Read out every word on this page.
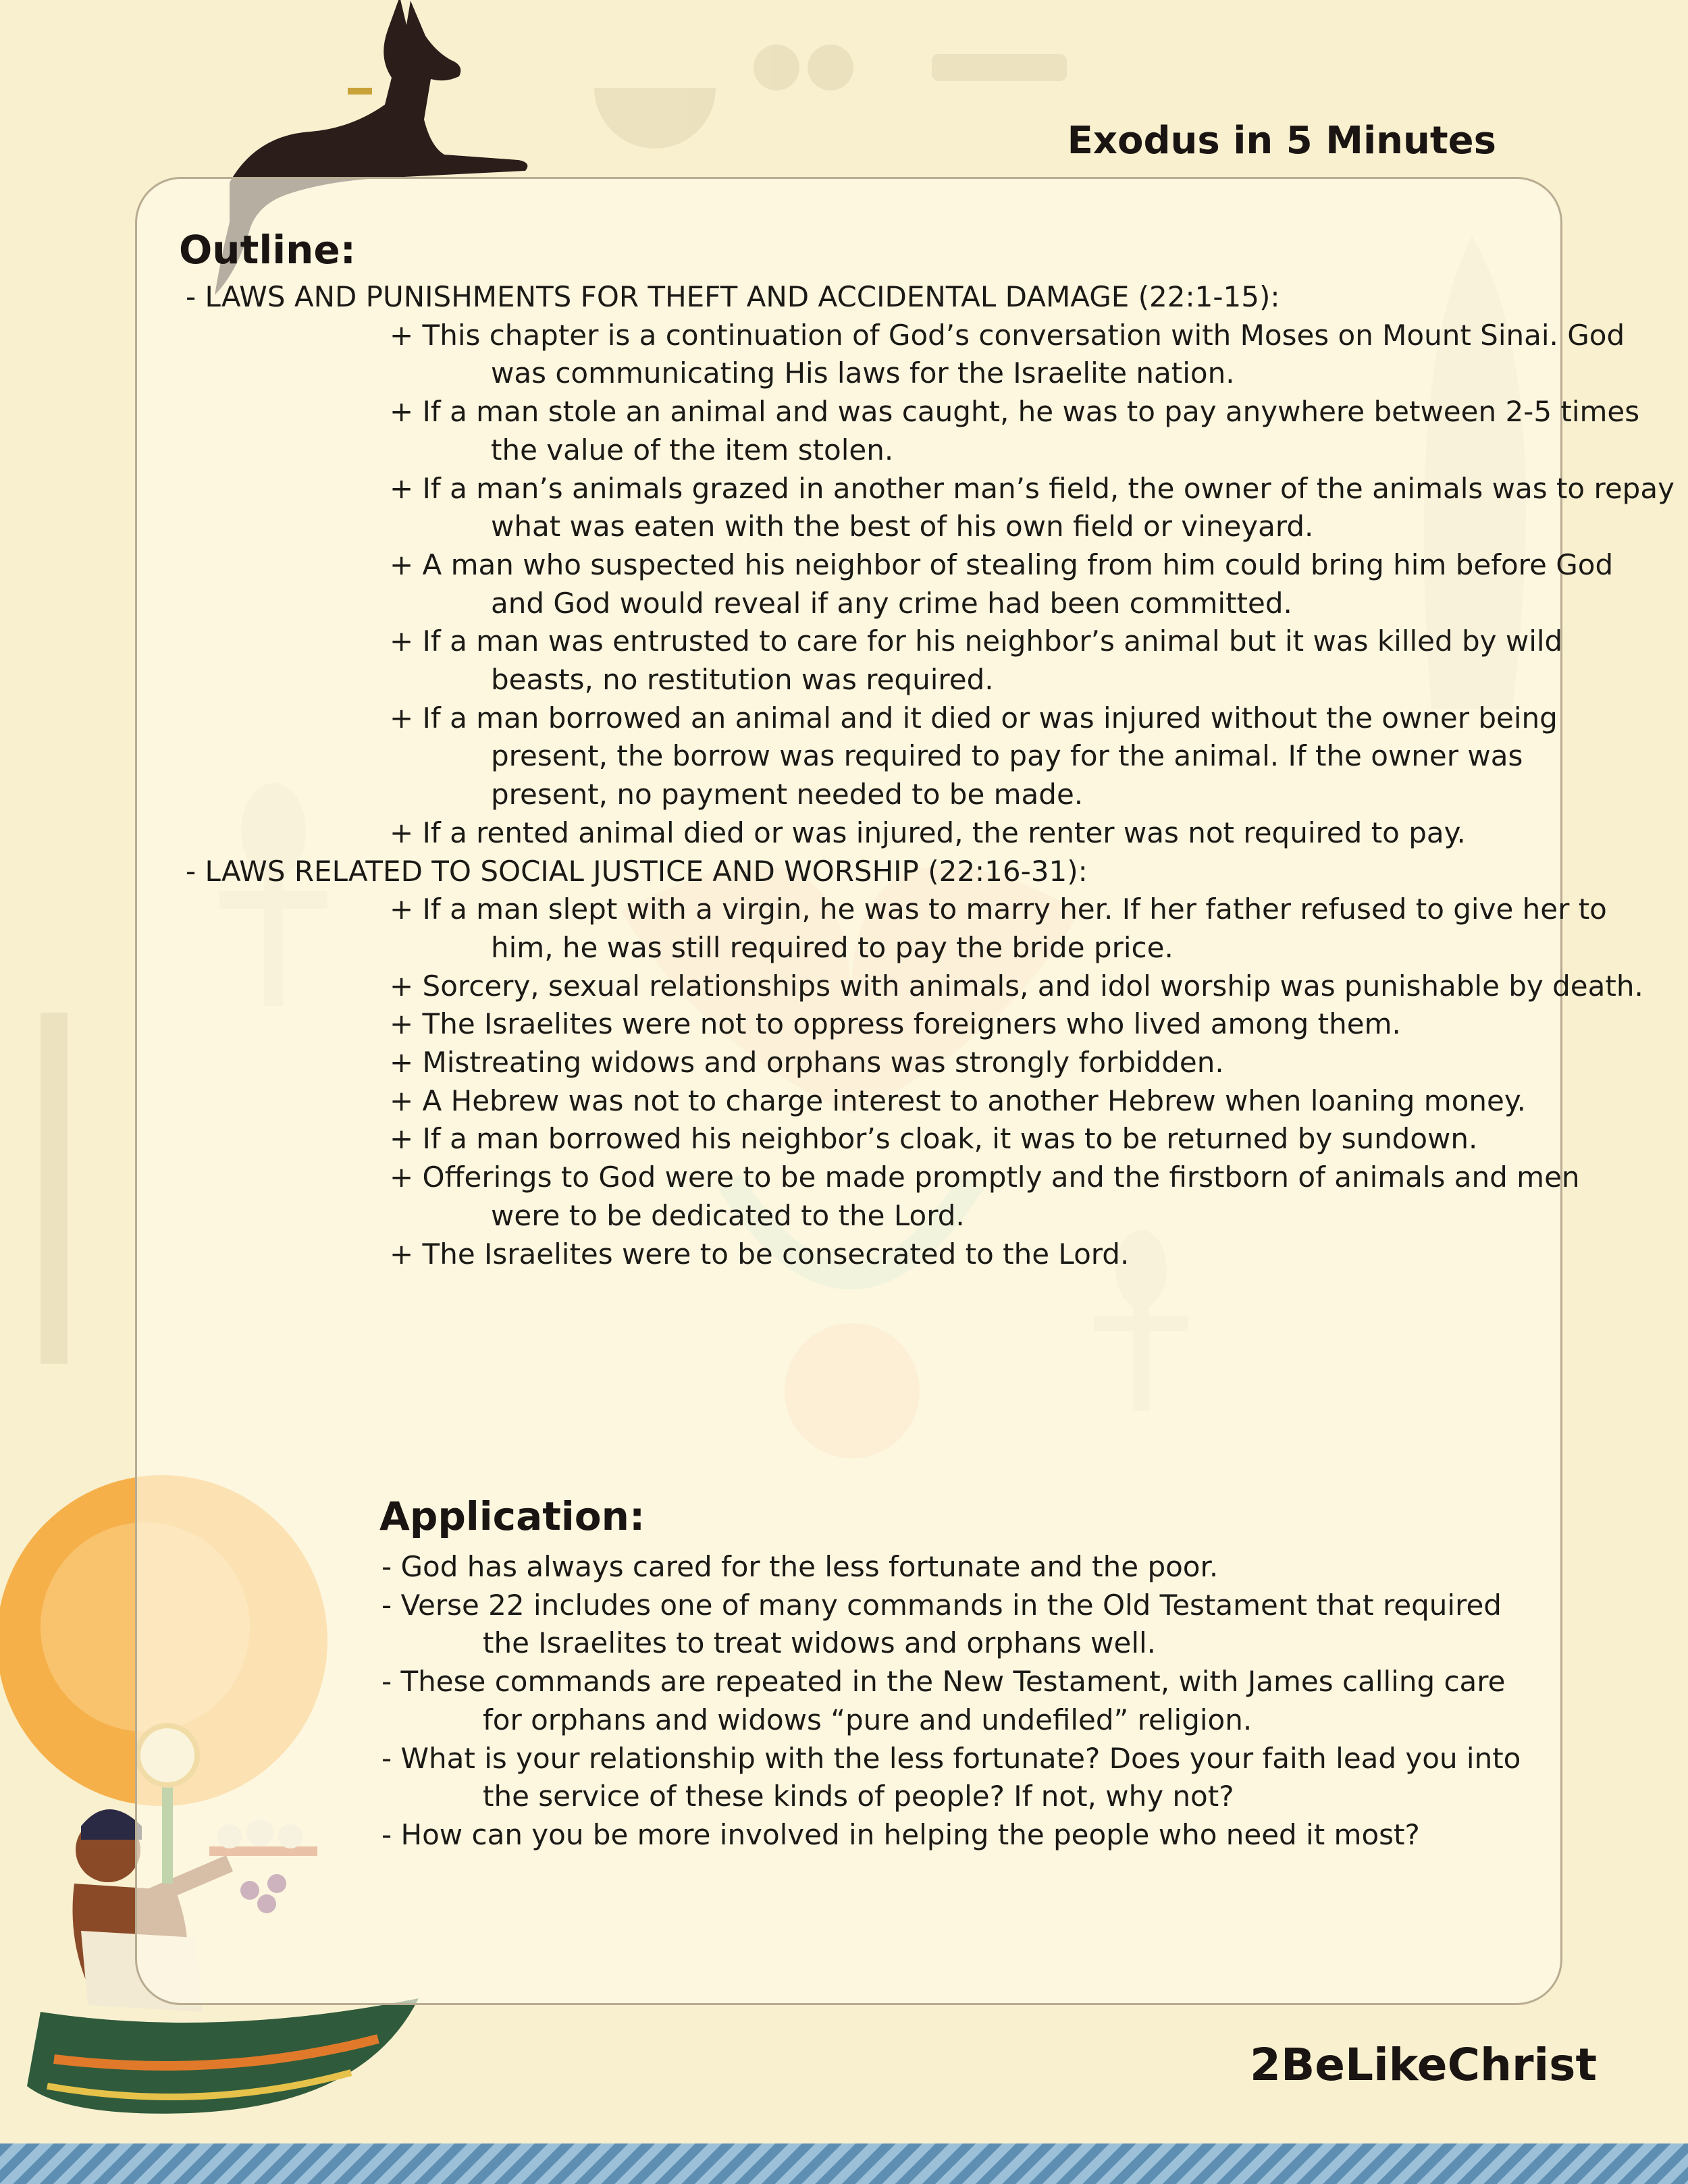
Exodus in 5 Minutes
Outline:
- LAWS AND PUNISHMENTS FOR THEFT AND ACCIDENTAL DAMAGE (22:1-15):
+ This chapter is a continuation of God’s conversation with Moses on Mount Sinai. God
was communicating His laws for the Israelite nation.
+ If a man stole an animal and was caught, he was to pay anywhere between 2-5 times
the value of the item stolen.
+ If a man’s animals grazed in another man’s field, the owner of the animals was to repay
what was eaten with the best of his own field or vineyard.
+ A man who suspected his neighbor of stealing from him could bring him before God
and God would reveal if any crime had been committed.
+ If a man was entrusted to care for his neighbor’s animal but it was killed by wild
beasts, no restitution was required.
+ If a man borrowed an animal and it died or was injured without the owner being
present, the borrow was required to pay for the animal. If the owner was
present, no payment needed to be made.
+ If a rented animal died or was injured, the renter was not required to pay.
- LAWS RELATED TO SOCIAL JUSTICE AND WORSHIP (22:16-31):
+ If a man slept with a virgin, he was to marry her. If her father refused to give her to
him, he was still required to pay the bride price.
+ Sorcery, sexual relationships with animals, and idol worship was punishable by death.
+ The Israelites were not to oppress foreigners who lived among them.
+ Mistreating widows and orphans was strongly forbidden.
+ A Hebrew was not to charge interest to another Hebrew when loaning money.
+ If a man borrowed his neighbor’s cloak, it was to be returned by sundown.
+ Offerings to God were to be made promptly and the firstborn of animals and men
were to be dedicated to the Lord.
+ The Israelites were to be consecrated to the Lord.
Application:
- God has always cared for the less fortunate and the poor.
- Verse 22 includes one of many commands in the Old Testament that required
the Israelites to treat widows and orphans well.
- These commands are repeated in the New Testament, with James calling care
for orphans and widows “pure and undefiled” religion.
- What is your relationship with the less fortunate? Does your faith lead you into
the service of these kinds of people? If not, why not?
- How can you be more involved in helping the people who need it most?
2BeLikeChrist
